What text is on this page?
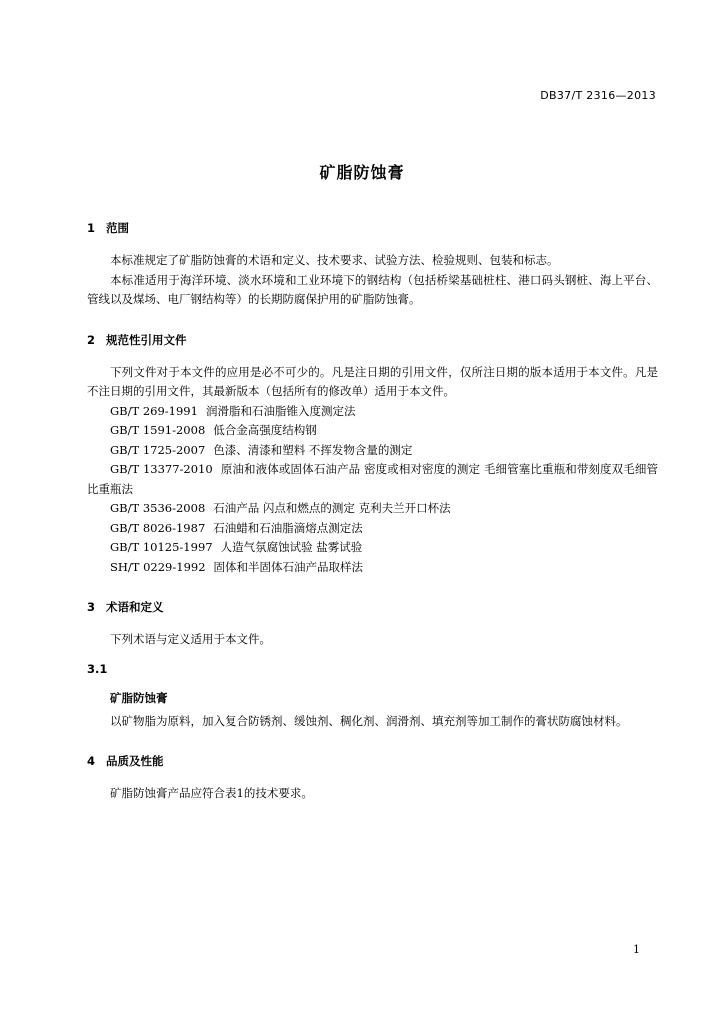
DB37/T 2316—2013
矿脂防蚀膏
1 范围

本标准规定了矿脂防蚀膏的术语和定义、技术要求、试验方法、检验规则、包装和标志。

本标准适用于海洋环境、淡水环境和工业环境下的钢结构（包括桥梁基础桩柱、港口码头钢桩、海上平台、管线以及煤场、电厂钢结构等）的长期防腐保护用的矿脂防蚀膏。

2 规范性引用文件

下列文件对于本文件的应用是必不可少的。凡是注日期的引用文件，仅所注日期的版本适用于本文件。凡是不注日期的引用文件，其最新版本（包括所有的修改单）适用于本文件。

GB/T 269-1991 润滑脂和石油脂锥入度测定法

GB/T 1591-2008 低合金高强度结构钢

GB/T 1725-2007 色漆、清漆和塑料 不挥发物含量的测定

GB/T 13377-2010 原油和液体或固体石油产品 密度或相对密度的测定 毛细管塞比重瓶和带刻度双毛细管比重瓶法

GB/T 3536-2008 石油产品 闪点和燃点的测定 克利夫兰开口杯法

GB/T 8026-1987 石油蜡和石油脂滴熔点测定法

GB/T 10125-1997 人造气氛腐蚀试验 盐雾试验

SH/T 0229-1992 固体和半固体石油产品取样法

3 术语和定义

下列术语与定义适用于本文件。

3.1

矿脂防蚀膏

以矿物脂为原料，加入复合防锈剂、缓蚀剂、稠化剂、润滑剂、填充剂等加工制作的膏状防腐蚀材料。

4 品质及性能

矿脂防蚀膏产品应符合表1的技术要求。

1
